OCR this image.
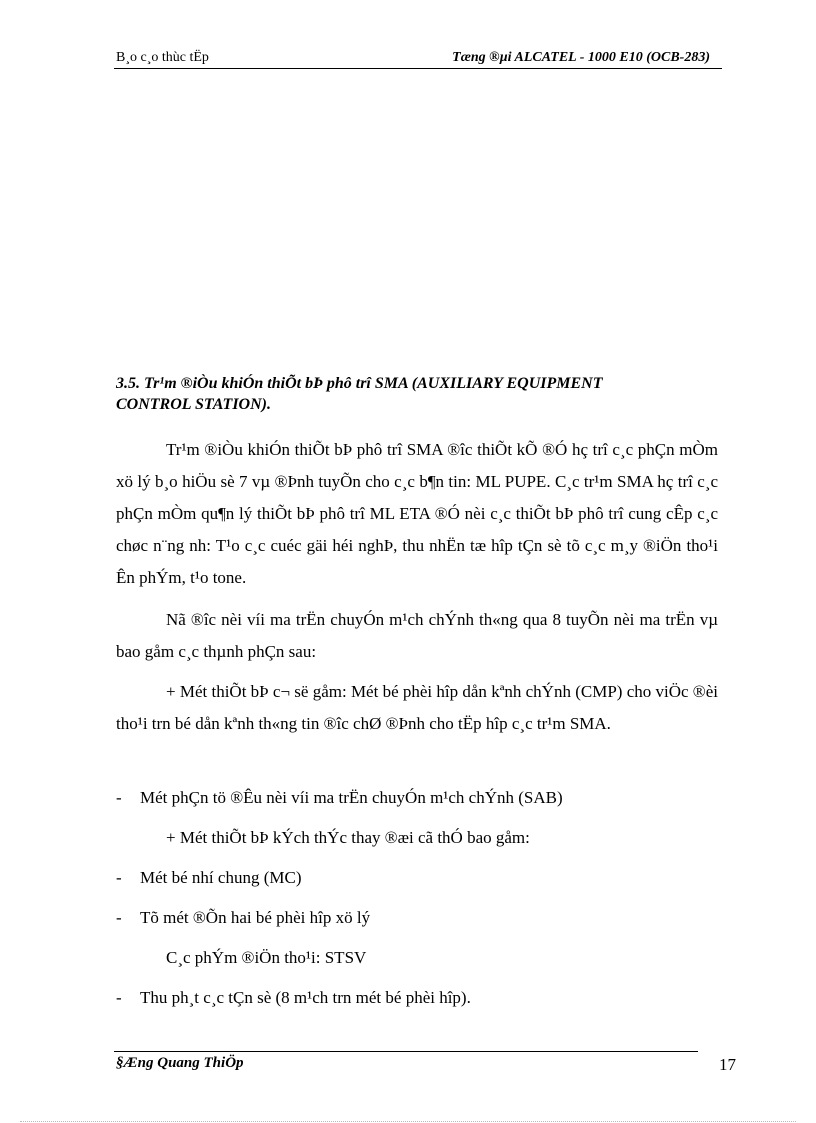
B¸o c¸o thùc tËp	Tæng ®µi ALCATEL - 1000 E10 (OCB-283)
3.5. Tr¹m ®iÒu khiÓn thiÕt bÞ phô trî SMA (AUXILIARY EQUIPMENT
CONTROL STATION).

Tr¹m ®iÒu khiÓn thiÕt bÞ phô trî SMA ®îc thiÕt kÕ ®Ó hç trî c¸c phÇn mÒm xö lý b¸o hiÖu sè 7 vµ ®Þnh tuyÕn cho c¸c b¶n tin: ML PUPE. C¸c tr¹m SMA hç trî c¸c phÇn mÒm qu¶n lý thiÕt bÞ phô trî ML ETA ®Ó nèi c¸c thiÕt bÞ phô trî cung cÊp c¸c chøc n¨ng nh: T¹o c¸c cuéc gäi héi nghÞ, thu nhËn tæ hîp tÇn sè tõ c¸c m¸y ®iÖn tho¹i Ên phÝm, t¹o tone.

Nã ®îc nèi víi ma trËn chuyÓn m¹ch chÝnh th«ng qua 8 tuyÕn nèi ma trËn vµ bao gåm c¸c thµnh phÇn sau:

+ Mét thiÕt bÞ c¬ së gåm: Mét bé phèi hîp dån kªnh chÝnh (CMP) cho viÖc ®èi tho¹i trn bé dån kªnh th«ng tin ®îc chØ ®Þnh cho tËp hîp c¸c tr¹m SMA.

- Mét phÇn tö ®Êu nèi víi ma trËn chuyÓn m¹ch chÝnh (SAB)
+ Mét thiÕt bÞ kÝch thÝc thay ®æi cã thÓ bao gåm:
- Mét bé nhí chung (MC)
- Tõ mét ®Õn hai bé phèi hîp xö lý
C¸c phÝm ®iÖn tho¹i: STSV
- Thu ph¸t c¸c tÇn sè (8 m¹ch trn mét bé phèi hîp).
§Æng Quang ThiÖp	17
